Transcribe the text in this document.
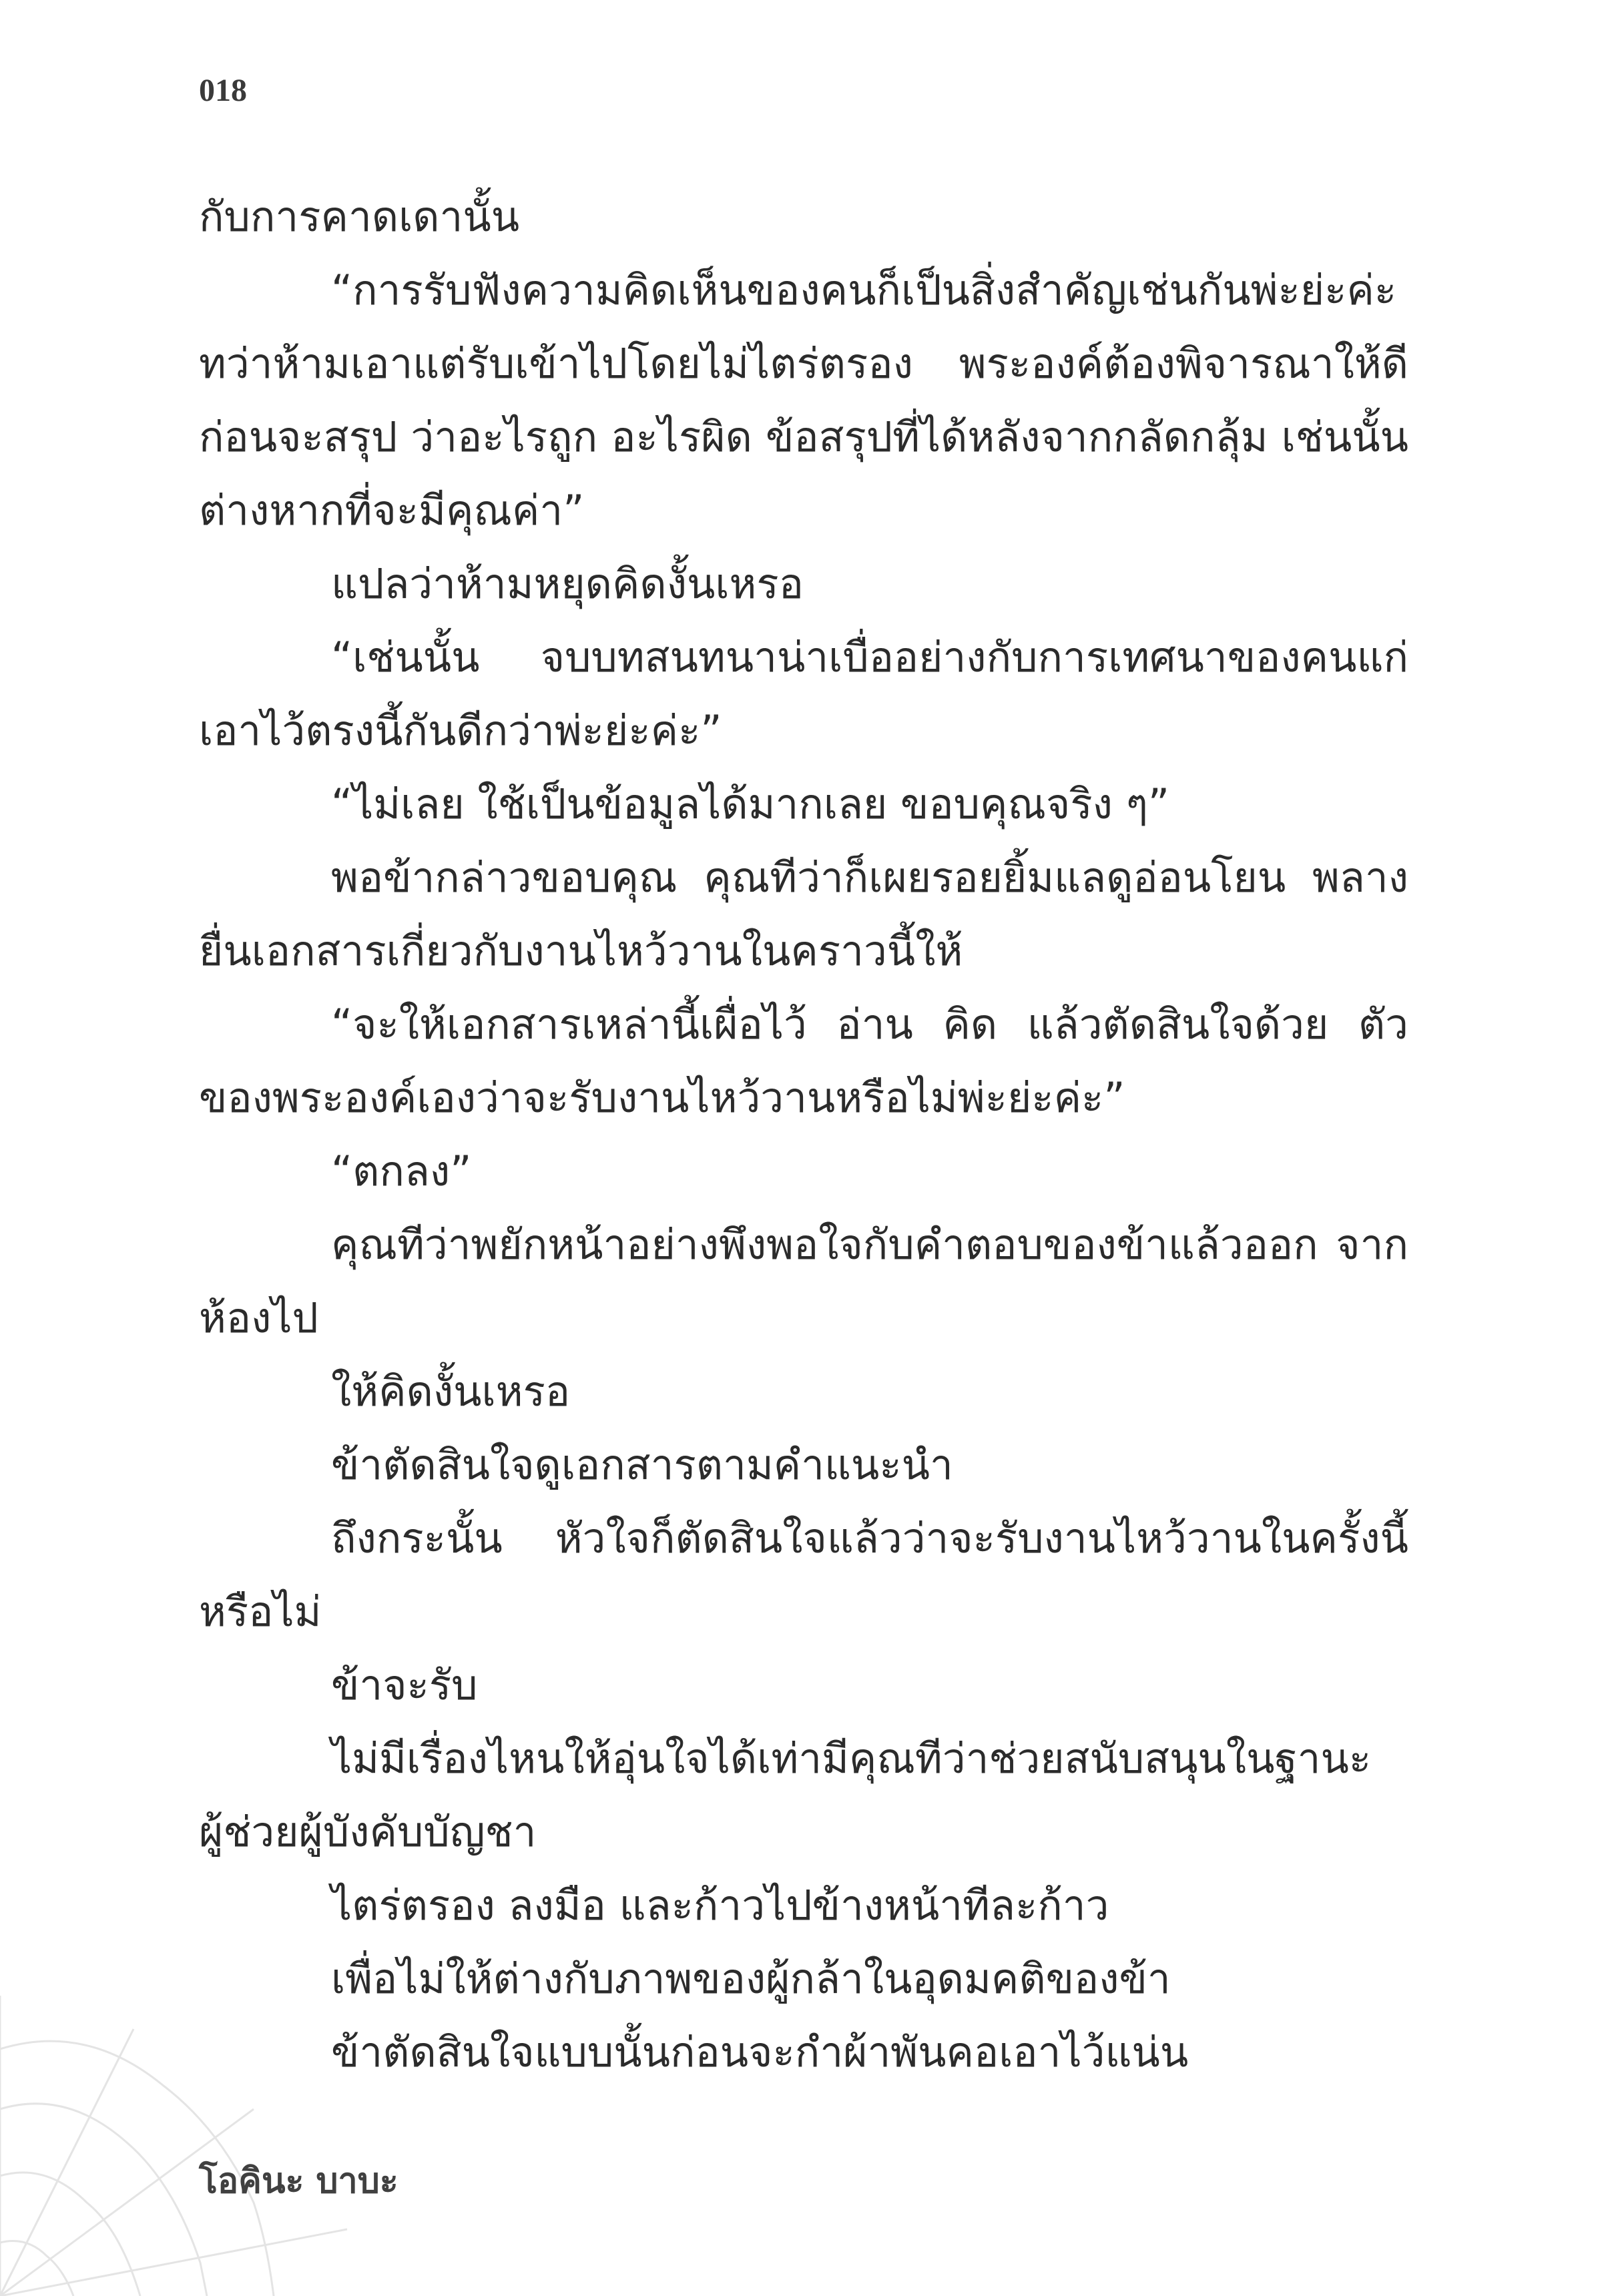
018

กับการคาดเดานั้น

“การรับฟังความคิดเห็นของคนก็เป็นสิ่งสำคัญเช่นกันพ่ะย่ะค่ะ ทว่าห้ามเอาแต่รับเข้าไปโดยไม่ไตร่ตรอง พระองค์ต้องพิจารณาให้ดี ก่อนจะสรุป ว่าอะไรถูก อะไรผิด ข้อสรุปที่ได้หลังจากกลัดกลุ้ม เช่นนั้นต่างหากที่จะมีคุณค่า”

แปลว่าห้ามหยุดคิดงั้นเหรอ

“เช่นนั้น จบบทสนทนาน่าเบื่ออย่างกับการเทศนาของคนแก่ เอาไว้ตรงนี้กันดีกว่าพ่ะย่ะค่ะ”

“ไม่เลย ใช้เป็นข้อมูลได้มากเลย ขอบคุณจริง ๆ”

พอข้ากล่าวขอบคุณ คุณทีว่าก็เผยรอยยิ้มแลดูอ่อนโยน พลางยื่นเอกสารเกี่ยวกับงานไหว้วานในคราวนี้ให้

“จะให้เอกสารเหล่านี้เผื่อไว้ อ่าน คิด แล้วตัดสินใจด้วย ตัวของพระองค์เองว่าจะรับงานไหว้วานหรือไม่พ่ะย่ะค่ะ”

“ตกลง”

คุณทีว่าพยักหน้าอย่างพึงพอใจกับคำตอบของข้าแล้วออก จากห้องไป

ให้คิดงั้นเหรอ

ข้าตัดสินใจดูเอกสารตามคำแนะนำ

ถึงกระนั้น หัวใจก็ตัดสินใจแล้วว่าจะรับงานไหว้วานในครั้งนี้ หรือไม่

ข้าจะรับ

ไม่มีเรื่องไหนให้อุ่นใจได้เท่ามีคุณทีว่าช่วยสนับสนุนในฐานะ ผู้ช่วยผู้บังคับบัญชา

ไตร่ตรอง ลงมือ และก้าวไปข้างหน้าทีละก้าว

เพื่อไม่ให้ต่างกับภาพของผู้กล้าในอุดมคติของข้า

ข้าตัดสินใจแบบนั้นก่อนจะกำผ้าพันคอเอาไว้แน่น

โอคินะ บาบะ
